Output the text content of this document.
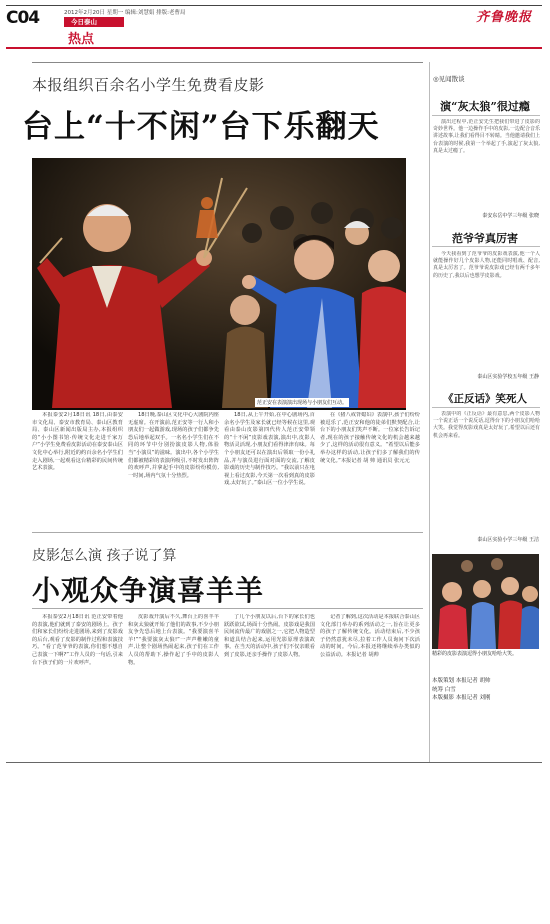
C04	2012年2月20日 星期一 编辑:刘慧娟 排版:老曹局
今日泰山
热点
齐鲁晚报
本报组织百余名小学生免费看皮影
台上“十不闲”台下乐翻天
范正安在表演演出现场与小朋友们互动。
本报泰安2月18日讯 18日,由泰安市文化局、泰安市教育局、泰山区教育局、泰山区新闻出版局主办,本报组织的“小小图书馆·传统文化走进千家万户”小学生免费看皮影活动在泰安泰山区文化中心举行,附近的约百余名小学生们走入剧场,一起观看这台精彩的民间传统艺术表演。
18日晚,泰山区文化中心大剧院内座无虚席。在开演前,范正安等一行人和小朋友们一起做游戏,现场的孩子们都争先恐后地举起双手。一名名小学生们在不同的环节中分别扮演皮影人物,体验当“小演员”的滋味。演出中,各个小学生们都被精彩的表演所吸引,不时发出阵阵的欢呼声,并拿起手中的皮影纷纷模仿,一时间,场内气氛十分热烈。
18日,从上午开始,在中心剧场内,百余名小学生及家长就已经等候在这里,观看由泰山皮影第四代传人范正安带领的“十不闲”皮影戏表演,演出中,皮影人物活灵活现,小朋友们看得津津有味。每个小朋友还可以在演出后领取一份小礼品,并与演员进行面对面的交流,了解皮影戏的历史与制作技巧。“我以前只在电视上看过皮影,今天第一次看到真的皮影戏,太好玩了。”泰山区一位小学生说。
在《猪八戒背媳妇》表演中,孩子们纷纷被逗乐了,范正安和他的徒弟们默契配合,让台下的小朋友们笑声不断。一位家长告诉记者,现在的孩子接触传统文化的机会越来越少了,这样的活动很有意义。“希望以后能多举办这样的活动,让孩子们多了解我们的传统文化。”本报记者 胡 帅 通讯员 张元元
皮影怎么演 孩子说了算
小观众争演喜羊羊
本报泰安2月18日讯 范正安带着他的表演,他们就到了泰安的剧场上。孩子们和家长们纷纷走进剧场,来到了皮影戏的后台,观看了皮影的制作过程和表演技巧。“看了范爷爷的表演,你们想不想自己表演一下啊?”工作人员的一句话,引来台下孩子们的一片欢呼声。
皮影戏开演后不久,舞台上的喜羊羊和灰太狼就开始了他们的故事,不少小朋友争先恐后地上台表演。“我要演喜羊羊!”“我要演灰太狼!”一声声稚嫩的童声,让整个剧场热闹起来,孩子们在工作人员的帮助下,操作起了手中的皮影人物。
了几个小朋友以后,台下的家长们也跃跃欲试,场面十分热闹。皮影戏是我国民间流传最广的戏剧之一,它把人物造型和道具结合起来,运用光影原理表演故事。在当天的活动中,孩子们不仅亲眼看到了皮影,还亲手操作了皮影人物。
记者了解到,这次活动是本报联合泰山区文化部门举办的系列活动之一,旨在让更多的孩子了解传统文化。活动结束后,不少孩子仍然意犹未尽,拉着工作人员询问下次活动的时间。今后,本报还将继续举办类似的公益活动。本报记者 胡帅
◎见闻散谈
演“灰太狼”很过瘾
演出过程中,范正安先生把我们带进了皮影的奇妙世界。他一边操作手中的皮影,一边配合音乐讲述故事,让我们看得目不转睛。当他邀请我们上台表演的时候,我第一个举起了手,演起了灰太狼,真是太过瘾了。
泰安东岳中学三年级 张晓
范爷爷真厉害
今天我看到了范爷爷的皮影戏表演,他一个人就能操作好几个皮影人物,还能同时唱戏、配音,真是太厉害了。范爷爷说皮影戏已经有两千多年的历史了,我以后也想学皮影戏。
泰山区实验学校五年级 王静
《正反话》笑死人
表演中的《正反话》最有意思,两个皮影人物一个说正话一个说反话,逗得台下的小朋友们哈哈大笑。我觉得皮影戏真是太好玩了,希望以后还有机会再来看。
泰山区实验小学三年级 王洁
精彩的皮影表演逗得小朋友哈哈大笑。
本版策划 本报记者 胡帅
统筹 白雪
本版摄影 本报记者 刘刚
